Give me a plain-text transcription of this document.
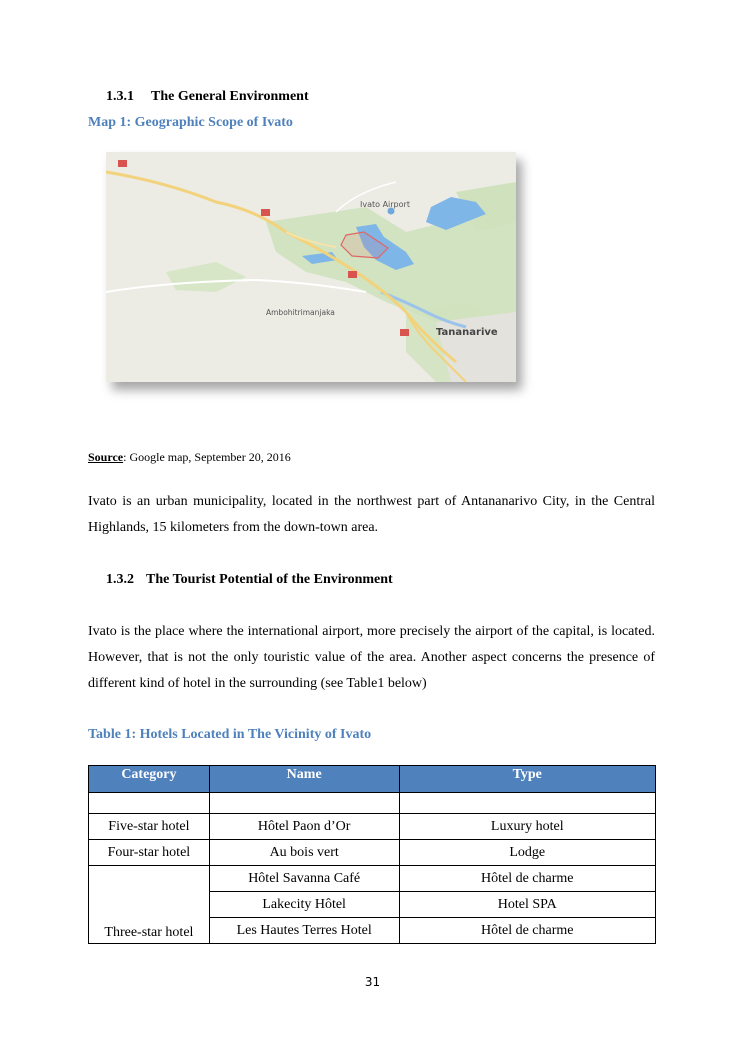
1.3.1 The General Environment
Map 1: Geographic Scope of Ivato
Ivato Airport
Ambohitrimanjaka
Tananarive
Source: Google map, September 20, 2016
Ivato is an urban municipality, located in the northwest part of Antananarivo City, in the Central Highlands, 15 kilometers from the down-town area.
1.3.2 The Tourist Potential of the Environment
Ivato is the place where the international airport, more precisely the airport of the capital, is located. However, that is not the only touristic value of the area. Another aspect concerns the presence of different kind of hotel in the surrounding (see Table1 below)
Table 1: Hotels Located in The Vicinity of Ivato
Category	Name	Type

Five-star hotel	Hôtel Paon d’Or	Luxury hotel
Four-star hotel	Au bois vert	Lodge
Three-star hotel	Hôtel Savanna Café	Hôtel de charme
	Lakecity Hôtel	Hotel SPA
	Les Hautes Terres Hotel	Hôtel de charme
31
